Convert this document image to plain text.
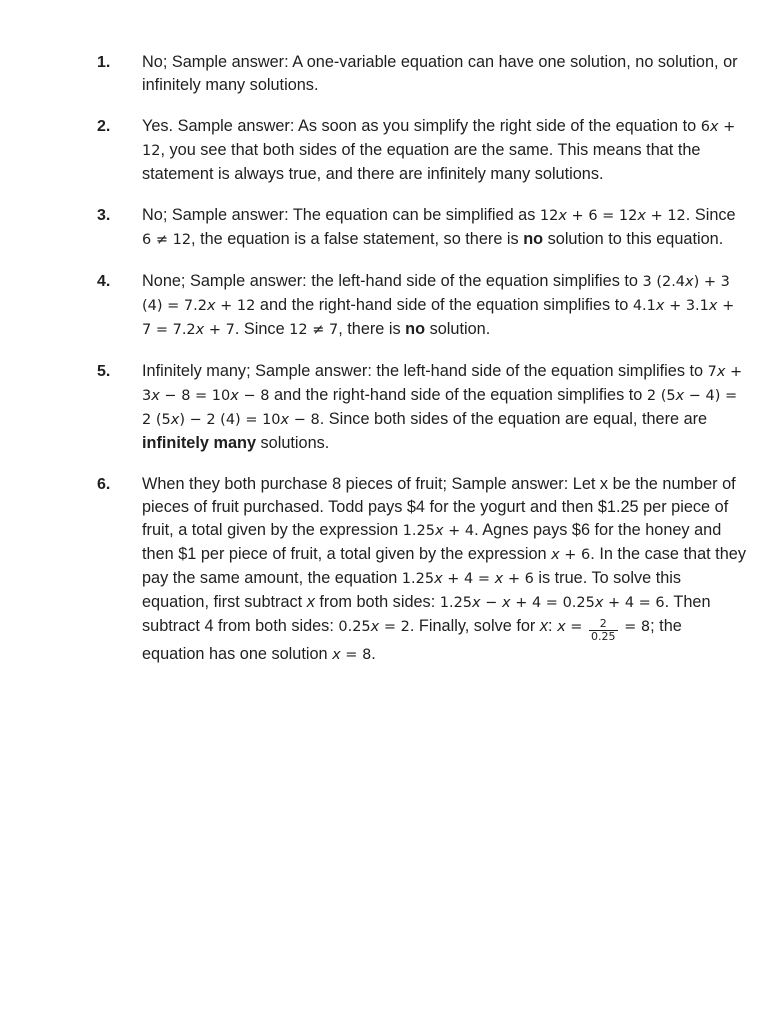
1.	No; Sample answer: A one-variable equation can have one solution, no solution, or infinitely many solutions.
2.	Yes. Sample answer: As soon as you simplify the right side of the equation to 6x + 12, you see that both sides of the equation are the same. This means that the statement is always true, and there are infinitely many solutions.
3.	No; Sample answer: The equation can be simplified as 12x + 6 = 12x + 12. Since 6 ≠ 12, the equation is a false statement, so there is no solution to this equation.
4.	None; Sample answer: the left-hand side of the equation simplifies to 3 (2.4x) + 3 (4) = 7.2x + 12 and the right-hand side of the equation simplifies to 4.1x + 3.1x + 7 = 7.2x + 7. Since 12 ≠ 7, there is no solution.
5.	Infinitely many; Sample answer: the left-hand side of the equation simplifies to 7x + 3x − 8 = 10x − 8 and the right-hand side of the equation simplifies to 2 (5x − 4) = 2 (5x) − 2 (4) = 10x − 8. Since both sides of the equation are equal, there are infinitely many solutions.
6.	When they both purchase 8 pieces of fruit; Sample answer: Let x be the number of pieces of fruit purchased. Todd pays $4 for the yogurt and then $1.25 per piece of fruit, a total given by the expression 1.25x + 4. Agnes pays $6 for the honey and then $1 per piece of fruit, a total given by the expression x + 6. In the case that they pay the same amount, the equation 1.25x + 4 = x + 6 is true. To solve this equation, first subtract x from both sides: 1.25x − x + 4 = 0.25x + 4 = 6. Then subtract 4 from both sides: 0.25x = 2. Finally, solve for x: $x = \frac{2}{0.25} = 8$; the equation has one solution x = 8.
